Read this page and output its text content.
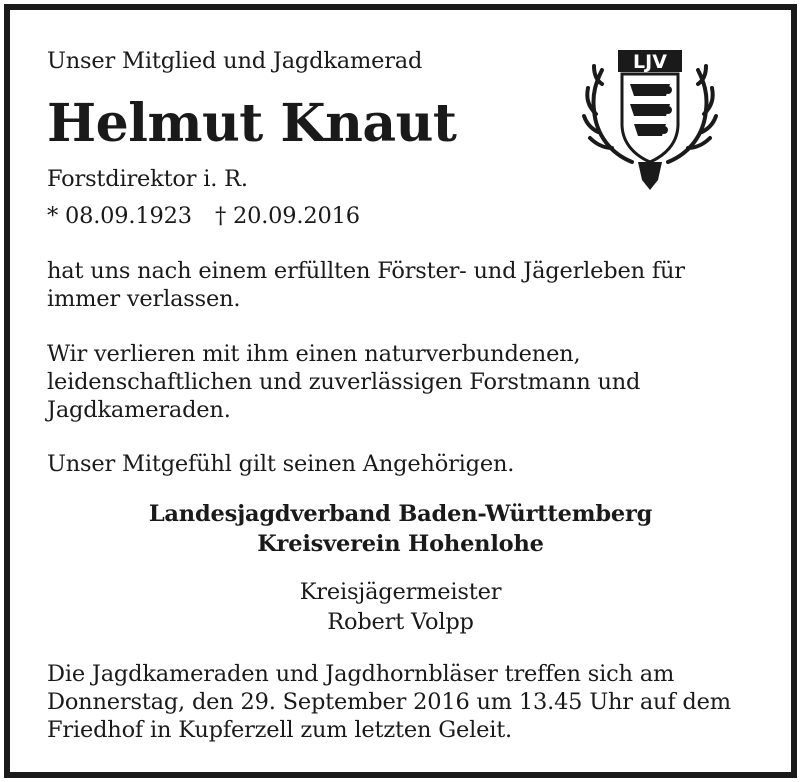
Unser Mitglied und Jagdkamerad
Helmut Knaut
Forstdirektor i. R.
* 08.09.1923 † 20.09.2016
LJV
hat uns nach einem erfüllten Förster- und Jägerleben für immer verlassen.
Wir verlieren mit ihm einen naturverbundenen, leidenschaftlichen und zuverlässigen Forstmann und Jagdkameraden.
Unser Mitgefühl gilt seinen Angehörigen.
Landesjagdverband Baden-Württemberg
Kreisverein Hohenlohe
Kreisjägermeister
Robert Volpp
Die Jagdkameraden und Jagdhornbläser treffen sich am Donnerstag, den 29. September 2016 um 13.45 Uhr auf dem Friedhof in Kupferzell zum letzten Geleit.
